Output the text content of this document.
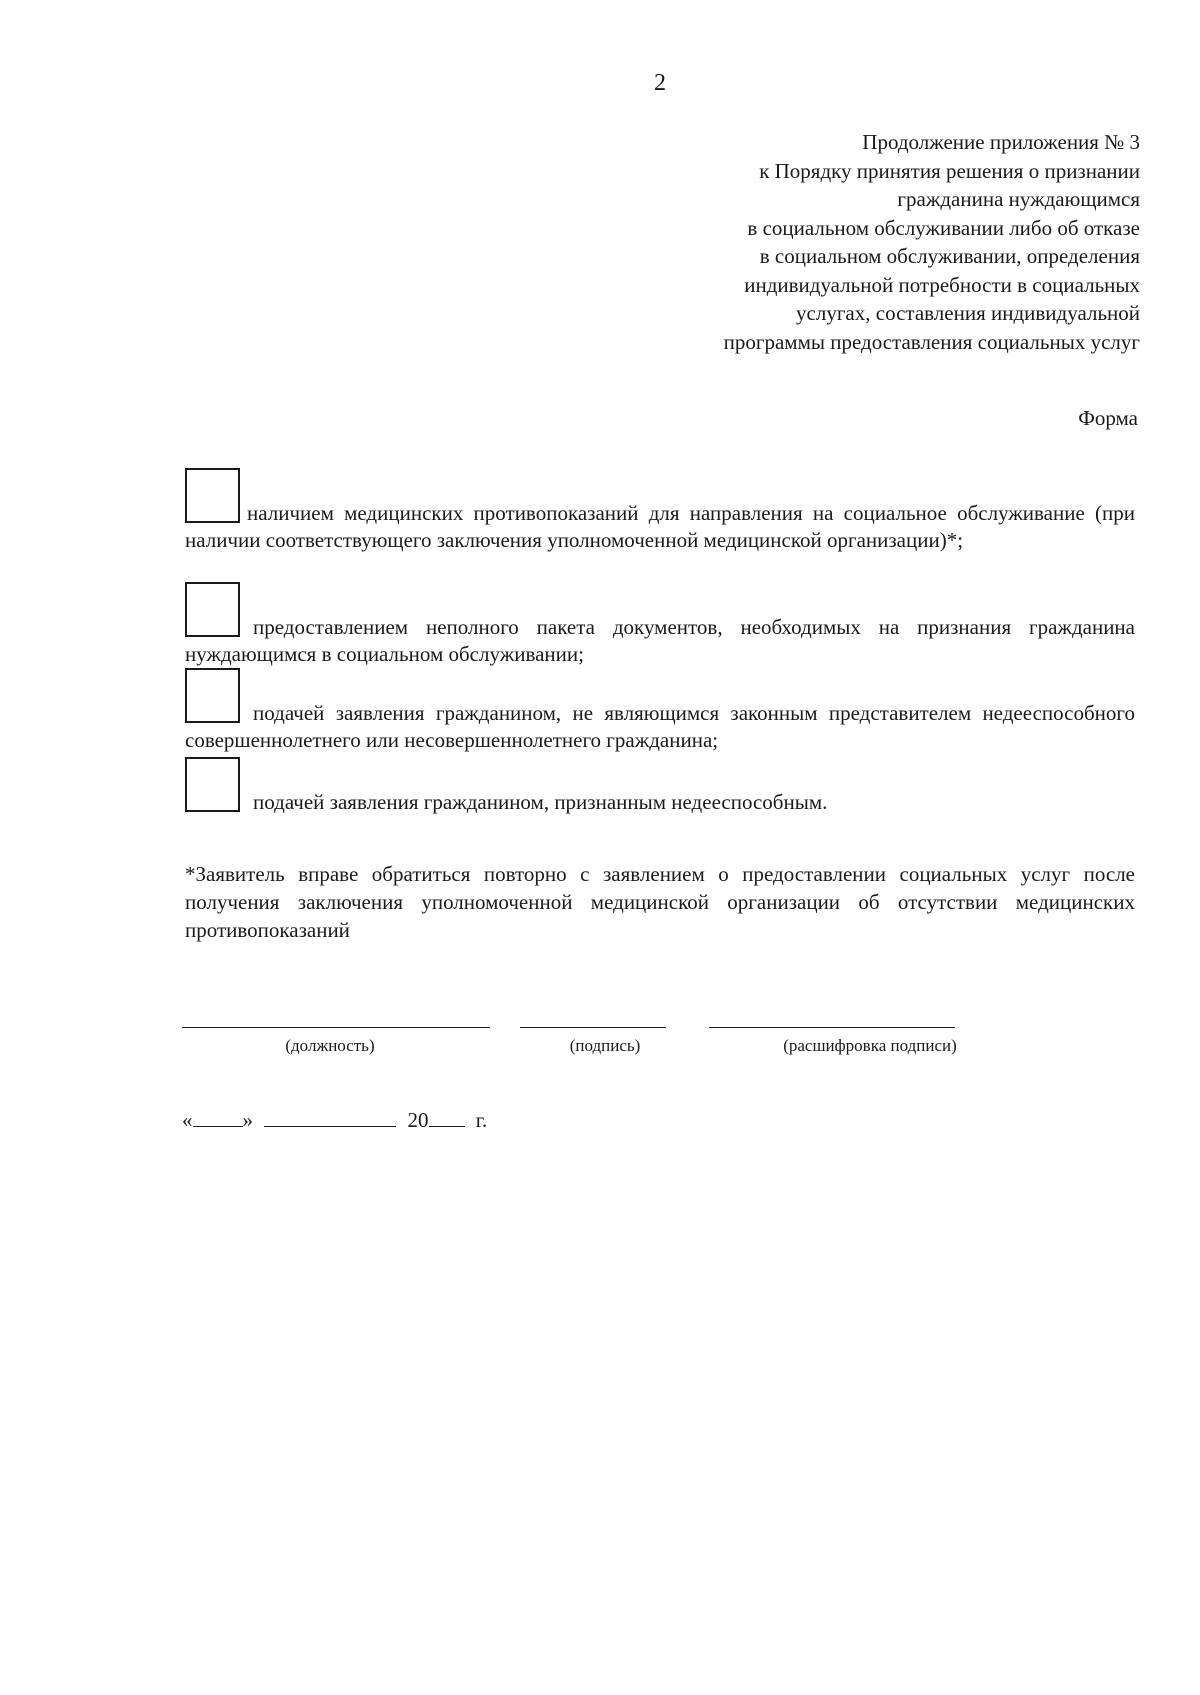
2
Продолжение приложения № 3
к Порядку принятия решения о признании
гражданина нуждающимся
в социальном обслуживании либо об отказе
в социальном обслуживании, определения
индивидуальной потребности в социальных
услугах, составления индивидуальной
программы предоставления социальных услуг
Форма
наличием медицинских противопоказаний для направления на социальное обслуживание (при наличии соответствующего заключения уполномоченной медицинской организации)*;
предоставлением неполного пакета документов, необходимых на признания гражданина нуждающимся в социальном обслуживании;
подачей заявления гражданином, не являющимся законным представителем недееспособного совершеннолетнего или несовершеннолетнего гражданина;
подачей заявления гражданином, признанным недееспособным.
*Заявитель вправе обратиться повторно с заявлением о предоставлении социальных услуг после получения заключения уполномоченной медицинской организации об отсутствии медицинских противопоказаний
(должность)	(подпись)	(расшифровка подписи)
« »	20 г.
